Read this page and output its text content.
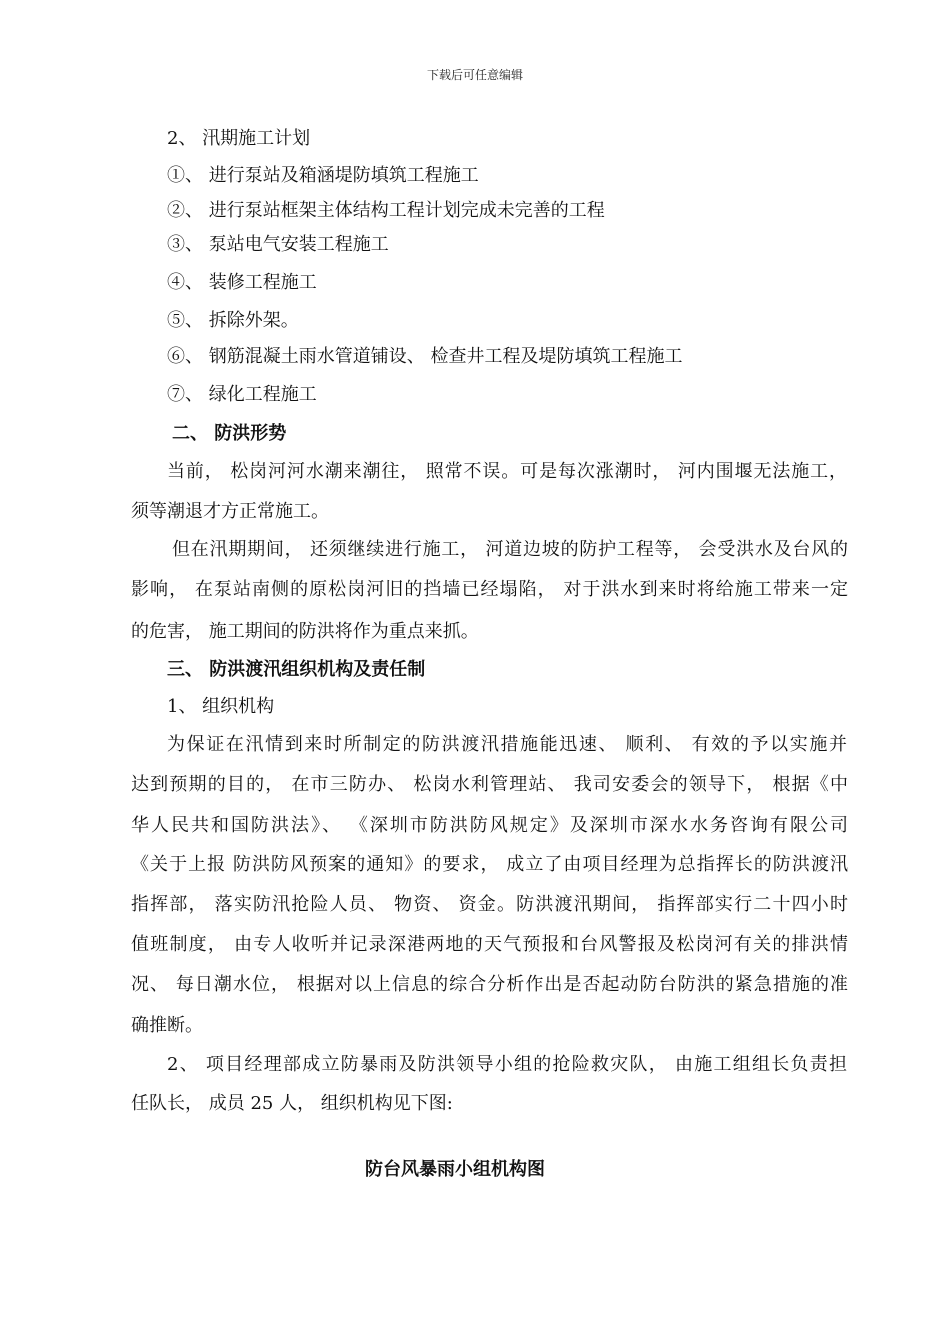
下载后可任意编辑
2、 汛期施工计划
①、 进行泵站及箱涵堤防填筑工程施工
②、 进行泵站框架主体结构工程计划完成未完善的工程
③、 泵站电气安装工程施工
④、 装修工程施工
⑤、 拆除外架。
⑥、 钢筋混凝土雨水管道铺设、 检查井工程及堤防填筑工程施工
⑦、 绿化工程施工
二、 防洪形势
当前， 松岗河河水潮来潮往， 照常不误。可是每次涨潮时， 河内围堰无法施工，
须等潮退才方正常施工。
但在汛期期间， 还须继续进行施工， 河道边坡的防护工程等， 会受洪水及台风的
影响， 在泵站南侧的原松岗河旧的挡墙已经塌陷， 对于洪水到来时将给施工带来一定
的危害， 施工期间的防洪将作为重点来抓。
三、 防洪渡汛组织机构及责任制
1、 组织机构
为保证在汛情到来时所制定的防洪渡汛措施能迅速、 顺利、 有效的予以实施并
达到预期的目的， 在市三防办、 松岗水利管理站、 我司安委会的领导下， 根据《中
华人民共和国防洪法》、 《深圳市防洪防风规定》及深圳市深水水务咨询有限公司
《关于上报 防洪防风预案的通知》的要求， 成立了由项目经理为总指挥长的防洪渡汛
指挥部， 落实防汛抢险人员、 物资、 资金。防洪渡汛期间， 指挥部实行二十四小时
值班制度， 由专人收听并记录深港两地的天气预报和台风警报及松岗河有关的排洪情
况、 每日潮水位， 根据对以上信息的综合分析作出是否起动防台防洪的紧急措施的准
确推断。
2、 项目经理部成立防暴雨及防洪领导小组的抢险救灾队， 由施工组组长负责担
任队长， 成员 25 人， 组织机构见下图:
防台风暴雨小组机构图
